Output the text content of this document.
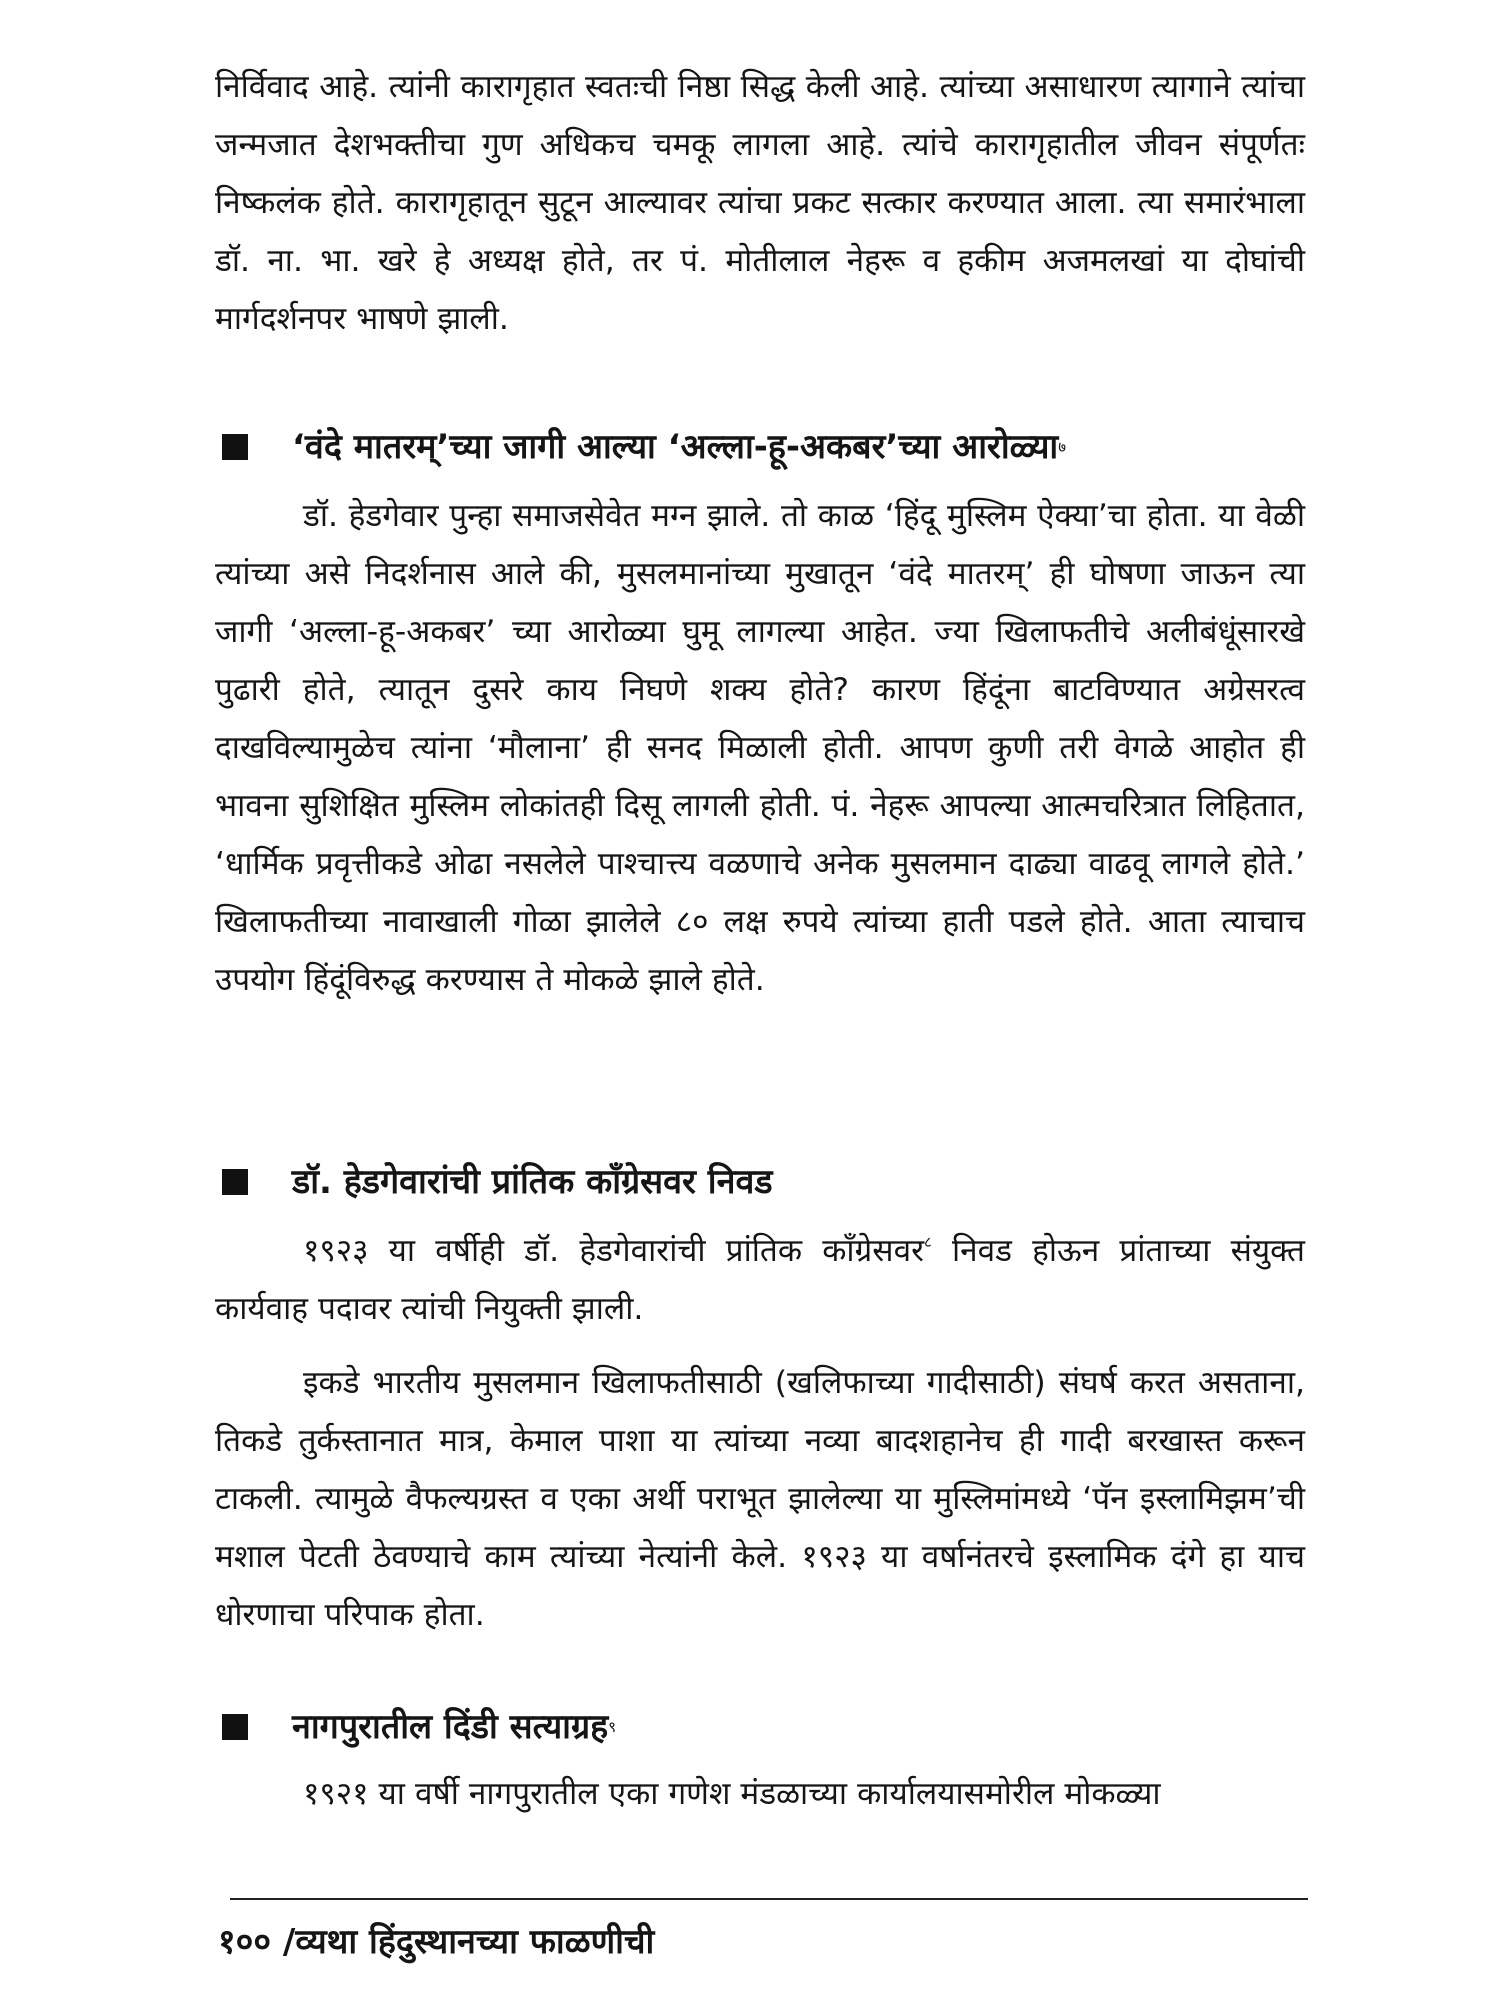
निर्विवाद आहे. त्यांनी कारागृहात स्वतःची निष्ठा सिद्ध केली आहे. त्यांच्या असाधारण त्यागाने त्यांचा जन्मजात देशभक्तीचा गुण अधिकच चमकू लागला आहे. त्यांचे कारागृहातील जीवन संपूर्णतः निष्कलंक होते. कारागृहातून सुटून आल्यावर त्यांचा प्रकट सत्कार करण्यात आला. त्या समारंभाला डॉ. ना. भा. खरे हे अध्यक्ष होते, तर पं. मोतीलाल नेहरू व हकीम अजमलखां या दोघांची मार्गदर्शनपर भाषणे झाली.

‘वंदे मातरम्’च्या जागी आल्या ‘अल्ला-हू-अकबर’च्या आरोळ्या ७

डॉ. हेडगेवार पुन्हा समाजसेवेत मग्न झाले. तो काळ ‘हिंदू मुस्लिम ऐक्या’चा होता. या वेळी त्यांच्या असे निदर्शनास आले की, मुसलमानांच्या मुखातून ‘वंदे मातरम्’ ही घोषणा जाऊन त्या जागी ‘अल्ला-हू-अकबर’ च्या आरोळ्या घुमू लागल्या आहेत. ज्या खिलाफतीचे अलीबंधूंसारखे पुढारी होते, त्यातून दुसरे काय निघणे शक्य होते? कारण हिंदूंना बाटविण्यात अग्रेसरत्व दाखविल्यामुळेच त्यांना ‘मौलाना’ ही सनद मिळाली होती. आपण कुणी तरी वेगळे आहोत ही भावना सुशिक्षित मुस्लिम लोकांतही दिसू लागली होती. पं. नेहरू आपल्या आत्मचरित्रात लिहितात, ‘धार्मिक प्रवृत्तीकडे ओढा नसलेले पाश्चात्त्य वळणाचे अनेक मुसलमान दाढ्या वाढवू लागले होते.’ खिलाफतीच्या नावाखाली गोळा झालेले ८० लक्ष रुपये त्यांच्या हाती पडले होते. आता त्याचाच उपयोग हिंदूंविरुद्ध करण्यास ते मोकळे झाले होते.

डॉ. हेडगेवारांची प्रांतिक काँग्रेसवर निवड

१९२३ या वर्षीही डॉ. हेडगेवारांची प्रांतिक काँग्रेसवर$^८$ निवड होऊन प्रांताच्या संयुक्त कार्यवाह पदावर त्यांची नियुक्ती झाली.

इकडे भारतीय मुसलमान खिलाफतीसाठी (खलिफाच्या गादीसाठी) संघर्ष करत असताना, तिकडे तुर्कस्तानात मात्र, केमाल पाशा या त्यांच्या नव्या बादशहानेच ही गादी बरखास्त करून टाकली. त्यामुळे वैफल्यग्रस्त व एका अर्थी पराभूत झालेल्या या मुस्लिमांमध्ये ‘पॅन इस्लामिझम’ची मशाल पेटती ठेवण्याचे काम त्यांच्या नेत्यांनी केले. १९२३ या वर्षानंतरचे इस्लामिक दंगे हा याच धोरणाचा परिपाक होता.

नागपुरातील दिंडी सत्याग्रह ९

१९२१ या वर्षी नागपुरातील एका गणेश मंडळाच्या कार्यालयासमोरील मोकळ्या

१०० /व्यथा हिंदुस्थानच्या फाळणीची
